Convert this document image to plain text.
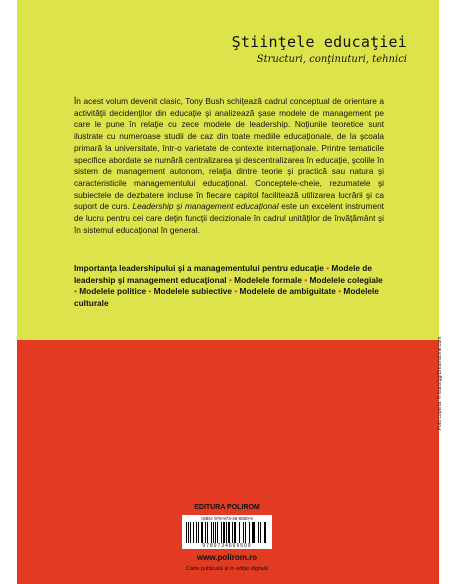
Ştiinţele educaţiei
Structuri, conţinuturi, tehnici

În acest volum devenit clasic, Tony Bush schiţează cadrul conceptual de orientare a activităţii decidenţilor din educaţie şi analizează şase modele de management pe care le pune în relaţie cu zece modele de leadership. Noţiunile teoretice sunt ilustrate cu numeroase studii de caz din toate mediile educaţionale, de la şcoala primară la universitate, într-o varietate de contexte internaţionale. Printre tematicile specifice abordate se numără centralizarea şi descentralizarea în educaţie, şcolile în sistem de management autonom, relaţia dintre teorie şi practică sau natura şi caracteristicile managementului educaţional. Conceptele-cheie, rezumatele şi subiectele de dezbatere incluse în fiecare capitol facilitează utilizarea lucrării şi ca suport de curs. Leadership şi management educaţional este un excelent instrument de lucru pentru cei care deţin funcţii decizionale în cadrul unităţilor de învăţământ şi în sistemul educaţional în general.

Importanţa leadershipului şi a managementului pentru educaţie • Modele de leadership şi management educaţional • Modelele formale • Modelele colegiale • Modelele politice • Modelele subiective • Modelele de ambiguitate • Modelele culturale

Foto coperta: © lisafx/gg/Dreamstime.com
EDITURA POLIROM
ISBN: 978-973-46-6550-9
9789734665509
www.polirom.ro
Carte publicată şi în ediţie digitală
